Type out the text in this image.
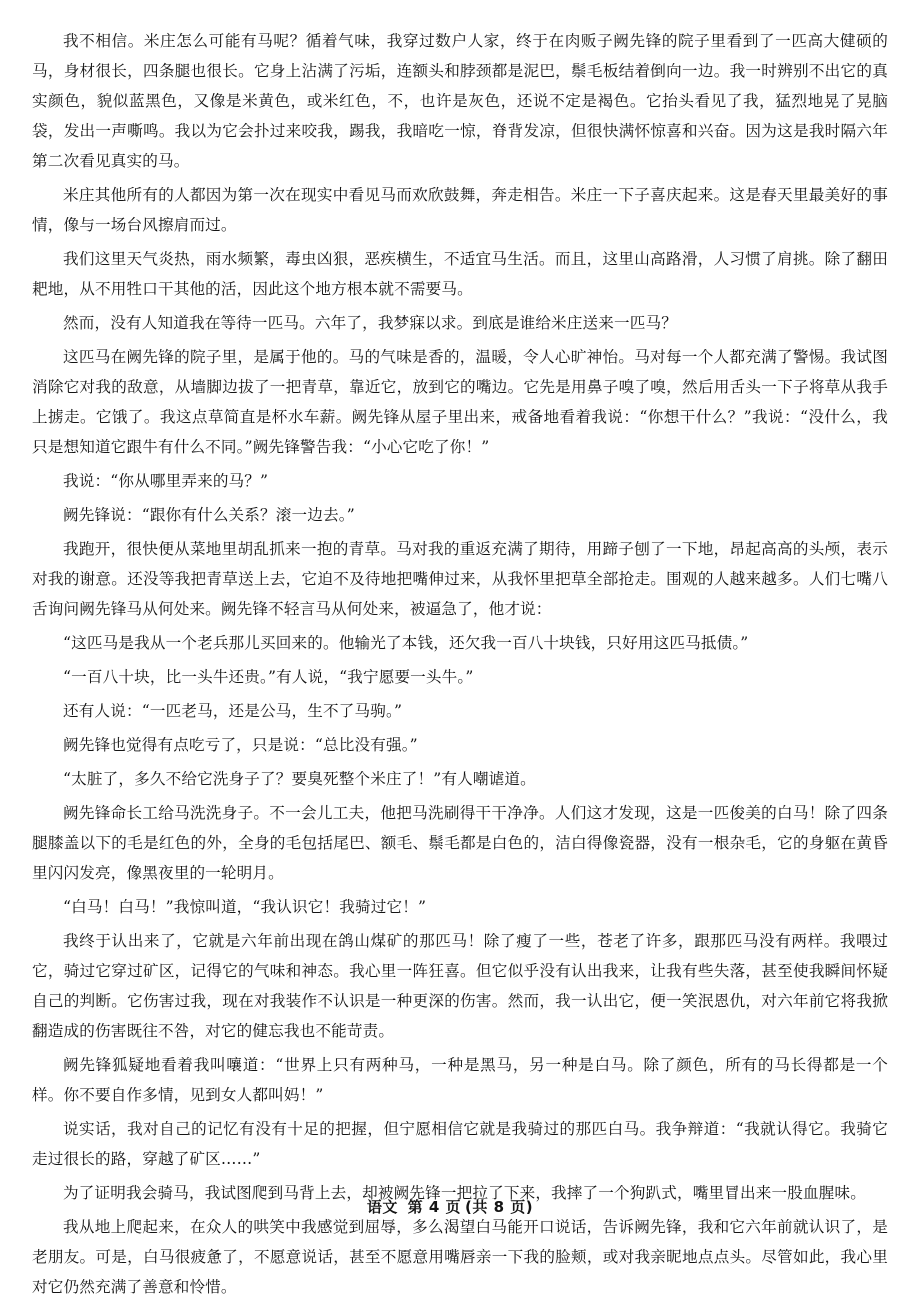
我不相信。米庄怎么可能有马呢？循着气味，我穿过数户人家，终于在肉贩子阙先锋的院子里看到了一匹高大健硕的马，身材很长，四条腿也很长。它身上沾满了污垢，连额头和脖颈都是泥巴，鬃毛板结着倒向一边。我一时辨别不出它的真实颜色，貌似蓝黑色，又像是米黄色，或米红色，不，也许是灰色，还说不定是褐色。它抬头看见了我，猛烈地晃了晃脑袋，发出一声嘶鸣。我以为它会扑过来咬我，踢我，我暗吃一惊，脊背发凉，但很快满怀惊喜和兴奋。因为这是我时隔六年第二次看见真实的马。

米庄其他所有的人都因为第一次在现实中看见马而欢欣鼓舞，奔走相告。米庄一下子喜庆起来。这是春天里最美好的事情，像与一场台风擦肩而过。

我们这里天气炎热，雨水频繁，毒虫凶狠，恶疾横生，不适宜马生活。而且，这里山高路滑，人习惯了肩挑。除了翻田耙地，从不用牲口干其他的活，因此这个地方根本就不需要马。

然而，没有人知道我在等待一匹马。六年了，我梦寐以求。到底是谁给米庄送来一匹马？

这匹马在阙先锋的院子里，是属于他的。马的气味是香的，温暖，令人心旷神怡。马对每一个人都充满了警惕。我试图消除它对我的敌意，从墙脚边拔了一把青草，靠近它，放到它的嘴边。它先是用鼻子嗅了嗅，然后用舌头一下子将草从我手上掳走。它饿了。我这点草简直是杯水车薪。阙先锋从屋子里出来，戒备地看着我说：“你想干什么？”我说：“没什么，我只是想知道它跟牛有什么不同。”阙先锋警告我：“小心它吃了你！”

我说：“你从哪里弄来的马？”

阙先锋说：“跟你有什么关系？滚一边去。”

我跑开，很快便从菜地里胡乱抓来一抱的青草。马对我的重返充满了期待，用蹄子刨了一下地，昂起高高的头颅，表示对我的谢意。还没等我把青草送上去，它迫不及待地把嘴伸过来，从我怀里把草全部抢走。围观的人越来越多。人们七嘴八舌询问阙先锋马从何处来。阙先锋不轻言马从何处来，被逼急了，他才说：

“这匹马是我从一个老兵那儿买回来的。他输光了本钱，还欠我一百八十块钱，只好用这匹马抵债。”

“一百八十块，比一头牛还贵。”有人说，“我宁愿要一头牛。”

还有人说：“一匹老马，还是公马，生不了马驹。”

阙先锋也觉得有点吃亏了，只是说：“总比没有强。”

“太脏了，多久不给它洗身子了？要臭死整个米庄了！”有人嘲谑道。

阙先锋命长工给马洗洗身子。不一会儿工夫，他把马洗刷得干干净净。人们这才发现，这是一匹俊美的白马！除了四条腿膝盖以下的毛是红色的外，全身的毛包括尾巴、额毛、鬃毛都是白色的，洁白得像瓷器，没有一根杂毛，它的身躯在黄昏里闪闪发亮，像黑夜里的一轮明月。

“白马！白马！”我惊叫道，“我认识它！我骑过它！”

我终于认出来了，它就是六年前出现在鸽山煤矿的那匹马！除了瘦了一些，苍老了许多，跟那匹马没有两样。我喂过它，骑过它穿过矿区，记得它的气味和神态。我心里一阵狂喜。但它似乎没有认出我来，让我有些失落，甚至使我瞬间怀疑自己的判断。它伤害过我，现在对我装作不认识是一种更深的伤害。然而，我一认出它，便一笑泯恩仇，对六年前它将我掀翻造成的伤害既往不咎，对它的健忘我也不能苛责。

阙先锋狐疑地看着我叫嚷道：“世界上只有两种马，一种是黑马，另一种是白马。除了颜色，所有的马长得都是一个样。你不要自作多情，见到女人都叫妈！”

说实话，我对自己的记忆有没有十足的把握，但宁愿相信它就是我骑过的那匹白马。我争辩道：“我就认得它。我骑它走过很长的路，穿越了矿区……”

为了证明我会骑马，我试图爬到马背上去，却被阙先锋一把拉了下来，我摔了一个狗趴式，嘴里冒出来一股血腥味。

我从地上爬起来，在众人的哄笑中我感觉到屈辱，多么渴望白马能开口说话，告诉阙先锋，我和它六年前就认识了，是老朋友。可是，白马很疲惫了，不愿意说话，甚至不愿意用嘴唇亲一下我的脸颊，或对我亲昵地点点头。尽管如此，我心里对它仍然充满了善意和怜惜。

语文 第 4 页 (共 8 页)
